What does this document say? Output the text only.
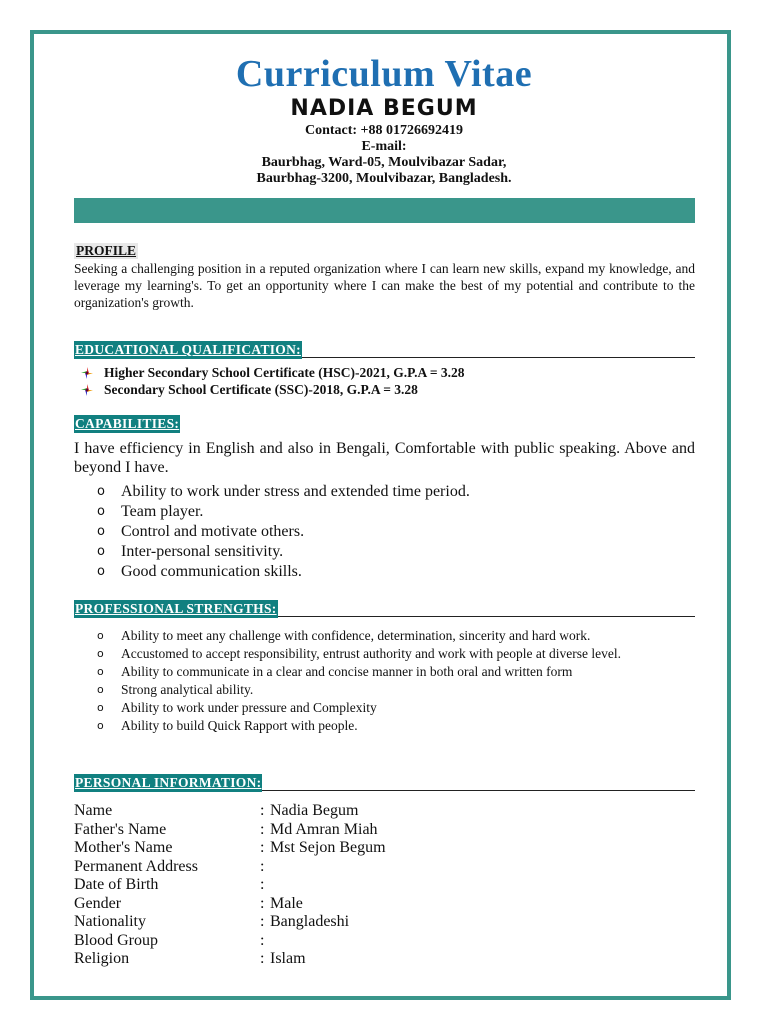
Curriculum Vitae
NADIA BEGUM
Contact: +88 01726692419
E-mail:
Baurbhag, Ward-05, Moulvibazar Sadar,
Baurbhag-3200, Moulvibazar, Bangladesh.
PROFILE

Seeking a challenging position in a reputed organization where I can learn new skills, expand my knowledge, and leverage my learning's. To get an opportunity where I can make the best of my potential and contribute to the organization's growth.

EDUCATIONAL QUALIFICATION:
Higher Secondary School Certificate (HSC)-2021, G.P.A = 3.28
Secondary School Certificate (SSC)-2018, G.P.A = 3.28
CAPABILITIES:

I have efficiency in English and also in Bengali, Comfortable with public speaking. Above and beyond I have.

o Ability to work under stress and extended time period.
o Team player.
o Control and motivate others.
o Inter-personal sensitivity.
o Good communication skills.
PROFESSIONAL STRENGTHS:
o Ability to meet any challenge with confidence, determination, sincerity and hard work.
o Accustomed to accept responsibility, entrust authority and work with people at diverse level.
o Ability to communicate in a clear and concise manner in both oral and written form
o Strong analytical ability.
o Ability to work under pressure and Complexity
o Ability to build Quick Rapport with people.
PERSONAL INFORMATION:
Name	: Nadia Begum
Father's Name	: Md Amran Miah
Mother's Name	: Mst Sejon Begum
Permanent Address	:
Date of Birth	:
Gender	: Male
Nationality	: Bangladeshi
Blood Group	:
Religion	: Islam
